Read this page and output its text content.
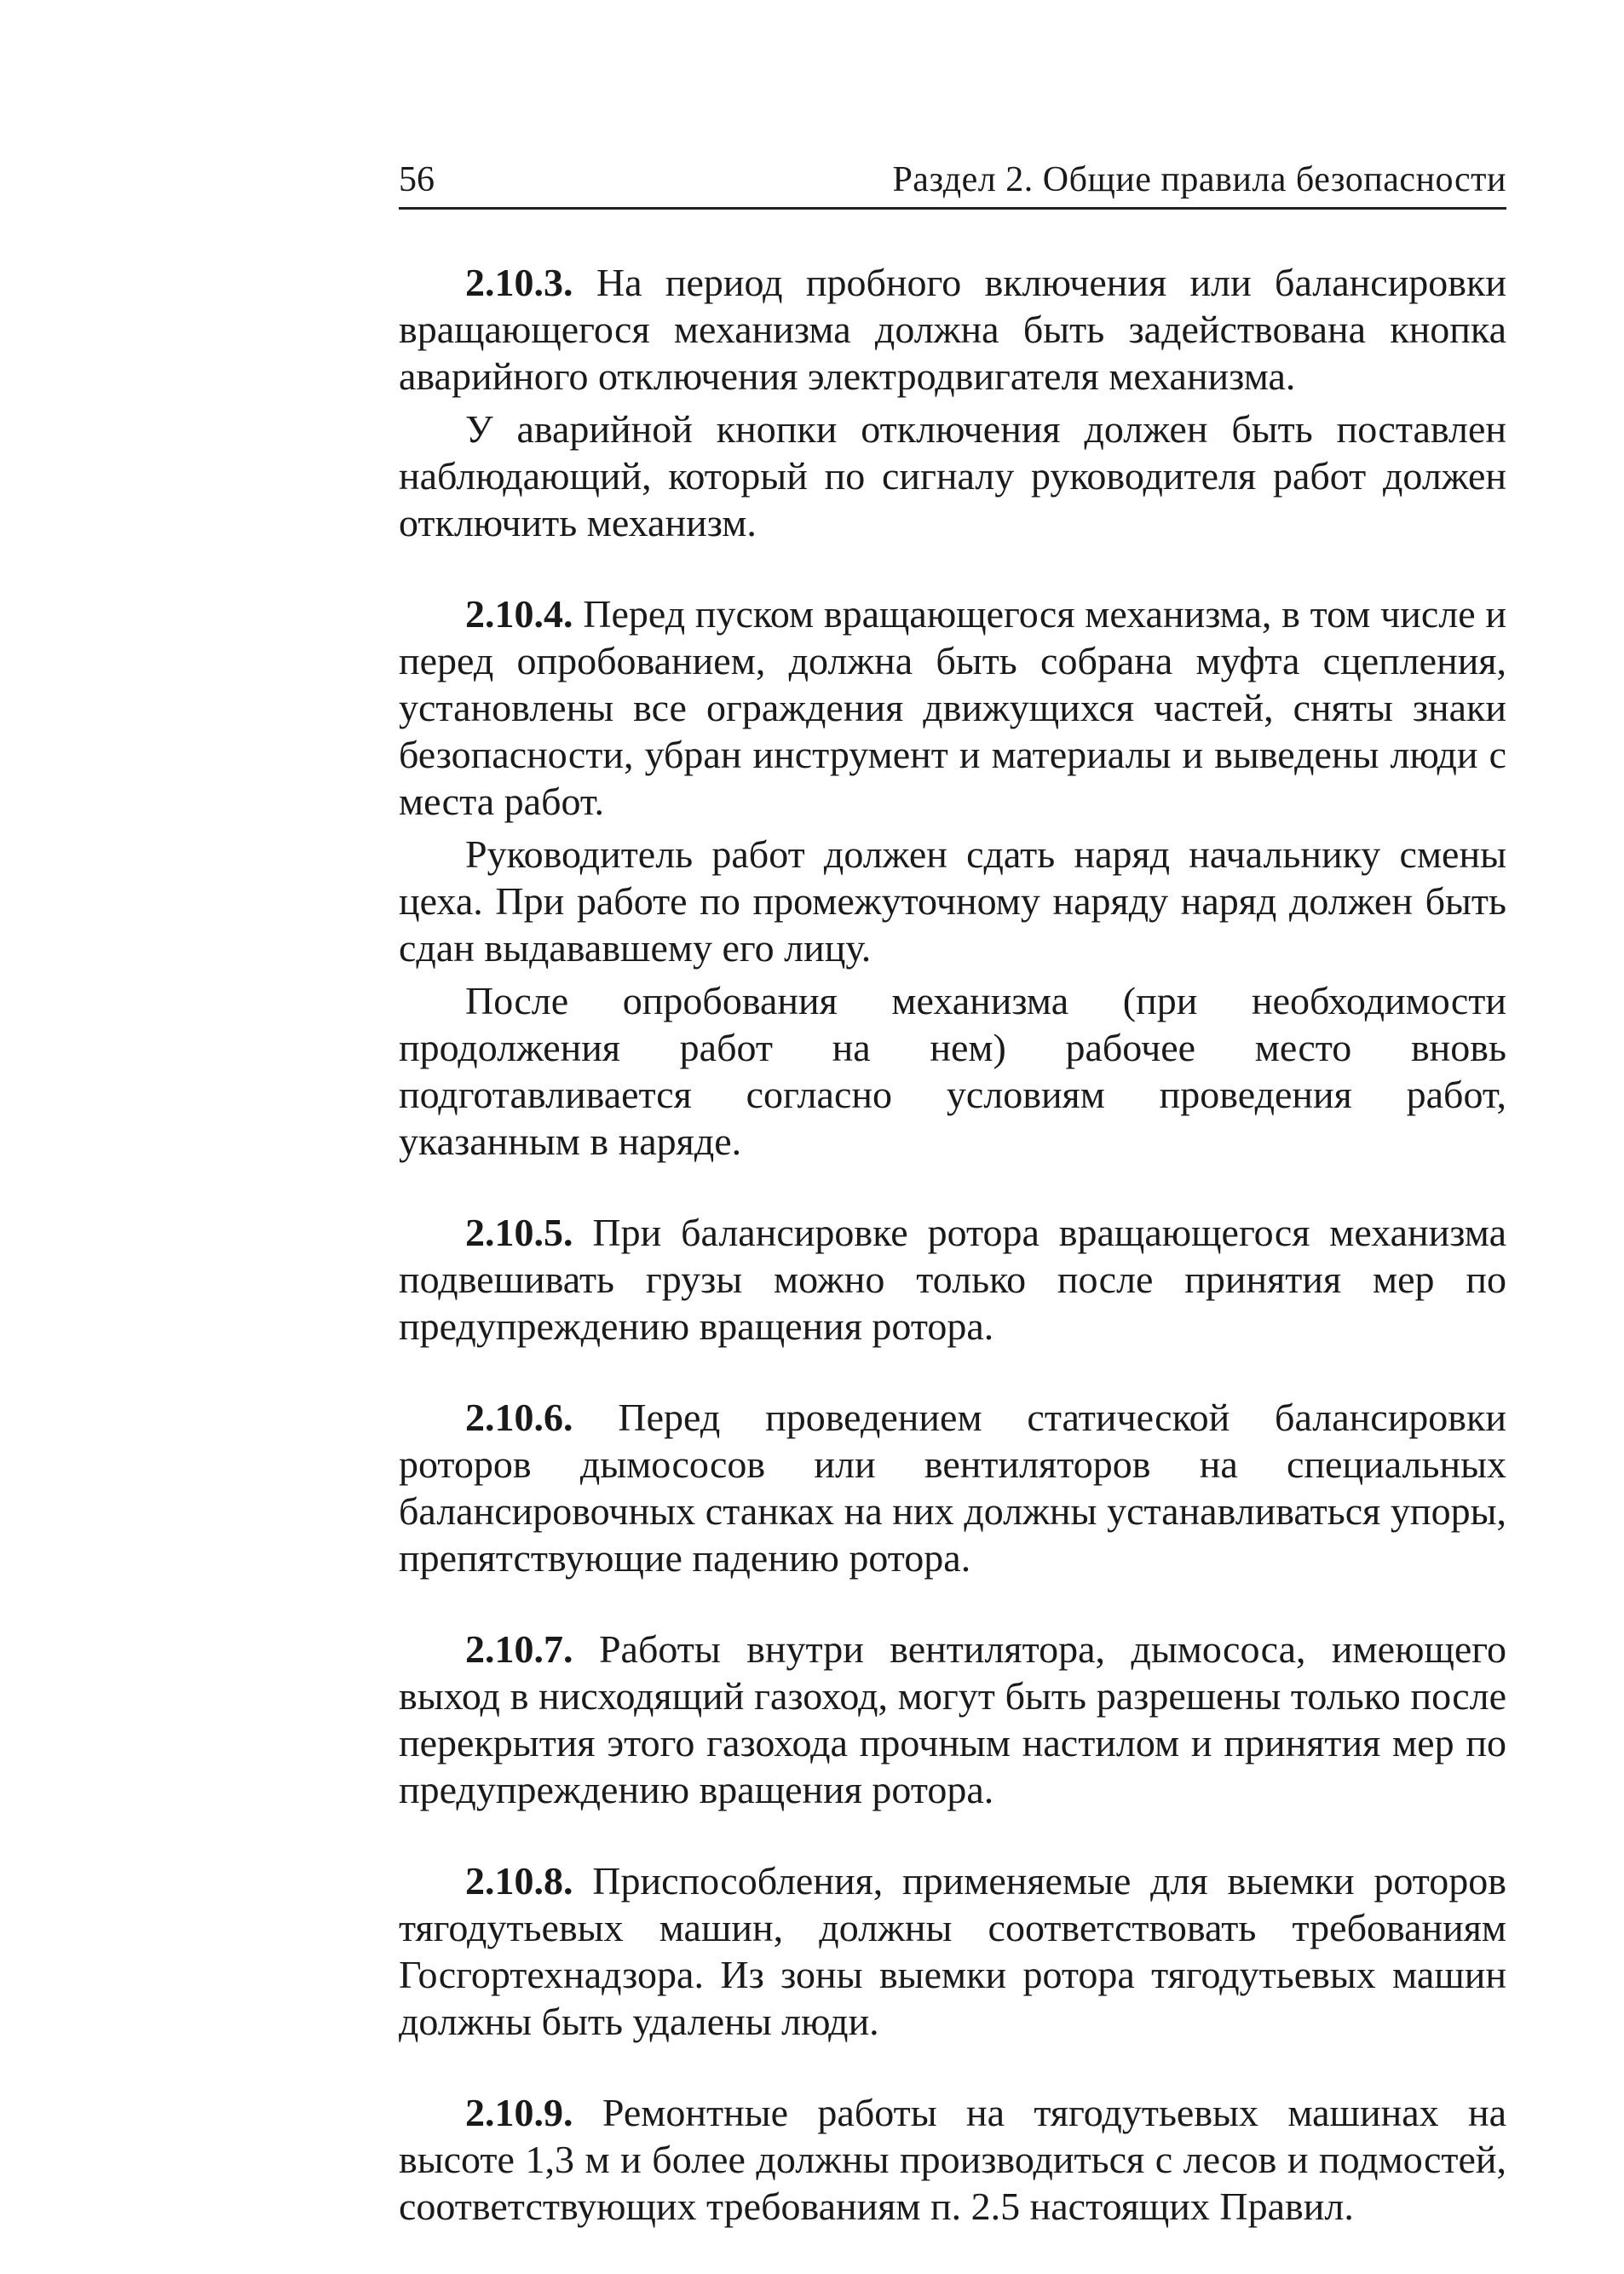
56	Раздел 2. Общие правила безопасности

2.10.3. На период пробного включения или балансировки вращающегося механизма должна быть задействована кнопка аварийного отключения электродвигателя механизма.

У аварийной кнопки отключения должен быть поставлен наблюдающий, который по сигналу руководителя работ должен отключить механизм.

2.10.4. Перед пуском вращающегося механизма, в том числе и перед опробованием, должна быть собрана муфта сцепления, установлены все ограждения движущихся частей, сняты знаки безопасности, убран инструмент и материалы и выведены люди с места работ.

Руководитель работ должен сдать наряд начальнику смены цеха. При работе по промежуточному наряду наряд должен быть сдан выдававшему его лицу.

После опробования механизма (при необходимости продолжения работ на нем) рабочее место вновь подготавливается согласно условиям проведения работ, указанным в наряде.

2.10.5. При балансировке ротора вращающегося механизма подвешивать грузы можно только после принятия мер по предупреждению вращения ротора.

2.10.6. Перед проведением статической балансировки роторов дымососов или вентиляторов на специальных балансировочных станках на них должны устанавливаться упоры, препятствующие падению ротора.

2.10.7. Работы внутри вентилятора, дымососа, имеющего выход в нисходящий газоход, могут быть разрешены только после перекрытия этого газохода прочным настилом и принятия мер по предупреждению вращения ротора.

2.10.8. Приспособления, применяемые для выемки роторов тягодутьевых машин, должны соответствовать требованиям Госгортехнадзора. Из зоны выемки ротора тягодутьевых машин должны быть удалены люди.

2.10.9. Ремонтные работы на тягодутьевых машинах на высоте 1,3 м и более должны производиться с лесов и подмостей, соответствующих требованиям п. 2.5 настоящих Правил.
